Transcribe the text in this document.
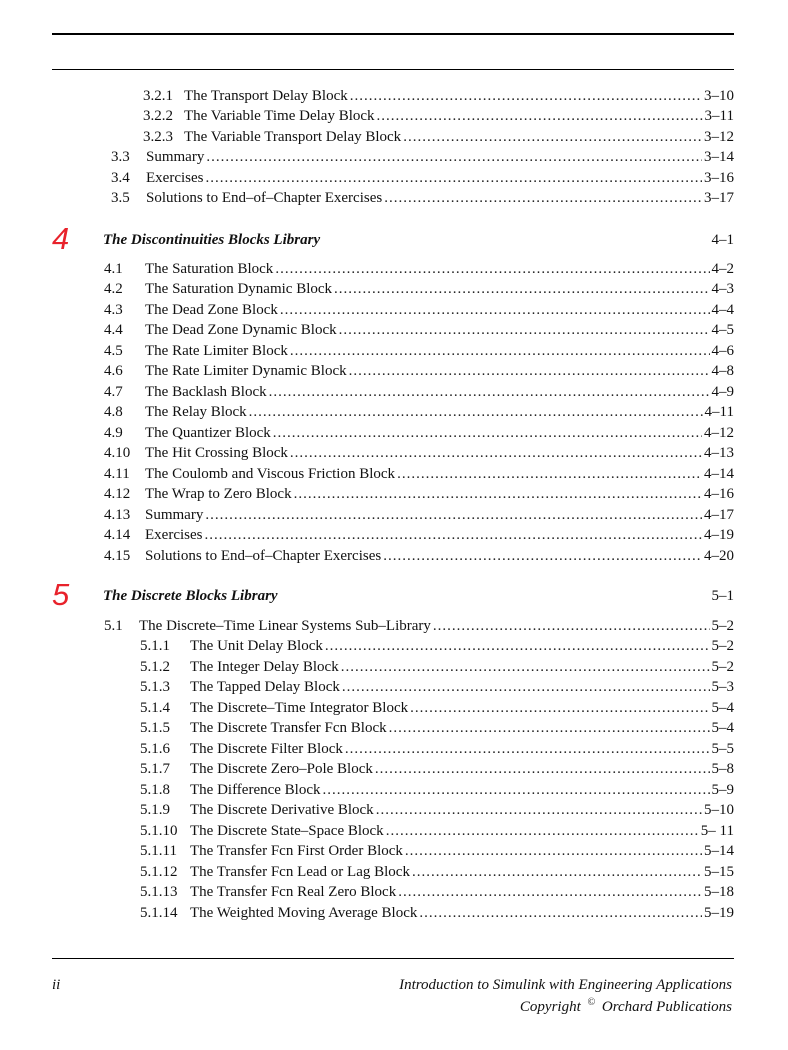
3.2.1 The Transport Delay Block .....	3–10
3.2.2 The Variable Time Delay Block .....	3–11
3.2.3 The Variable Transport Delay Block .....	3–12
3.3	Summary .....	3–14
3.4	Exercises .....	3–16
3.5	Solutions to End–of–Chapter Exercises .....	3–17
4 The Discontinuities Blocks Library	4–1
4.1	The Saturation Block .....	4–2
4.2	The Saturation Dynamic Block .....	4–3
4.3	The Dead Zone Block .....	4–4
4.4	The Dead Zone Dynamic Block .....	4–5
4.5	The Rate Limiter Block .....	4–6
4.6	The Rate Limiter Dynamic Block .....	4–8
4.7	The Backlash Block .....	4–9
4.8	The Relay Block .....	4–11
4.9	The Quantizer Block .....	4–12
4.10 The Hit Crossing Block .....	4–13
4.11	The Coulomb and Viscous Friction Block .....	4–14
4.12 The Wrap to Zero Block .....	4–16
4.13 Summary .....	4–17
4.14 Exercises .....	4–19
4.15 Solutions to End–of–Chapter Exercises .....	4–20
5 The Discrete Blocks Library	5–1
5.1	The Discrete–Time Linear Systems Sub–Library .....	5–2
5.1.1	The Unit Delay Block .....	5–2
5.1.2	The Integer Delay Block .....	5–2
5.1.3	The Tapped Delay Block .....	5–3
5.1.4	The Discrete–Time Integrator Block .....	5–4
5.1.5	The Discrete Transfer Fcn Block .....	5–4
5.1.6	The Discrete Filter Block .....	5–5
5.1.7	The Discrete Zero–Pole Block .....	5–8
5.1.8	The Difference Block .....	5–9
5.1.9	The Discrete Derivative Block .....	5–10
5.1.10 The Discrete State–Space Block .....	5– 11
5.1.11 The Transfer Fcn First Order Block .....	5–14
5.1.12 The Transfer Fcn Lead or Lag Block .....	5–15
5.1.13 The Transfer Fcn Real Zero Block .....	5–18
5.1.14 The Weighted Moving Average Block .....	5–19
ii	Introduction to Simulink with Engineering Applications
Copyright © Orchard Publications
